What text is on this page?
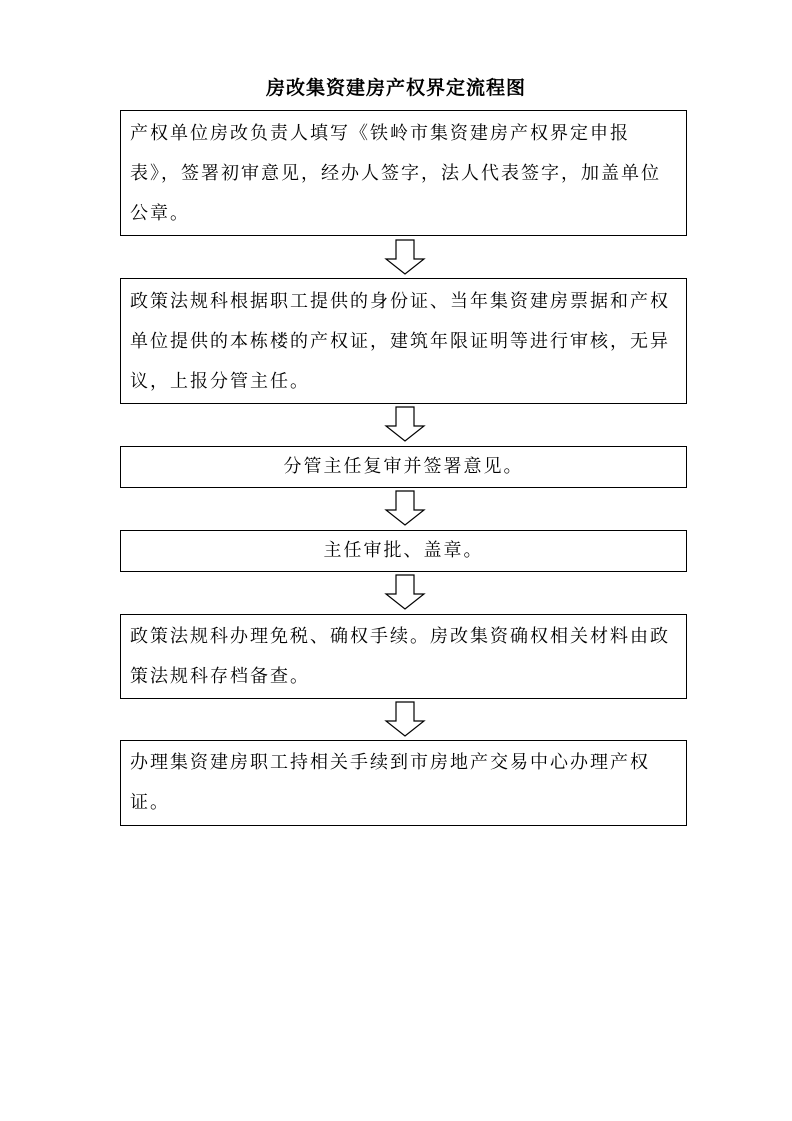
房改集资建房产权界定流程图
产权单位房改负责人填写《铁岭市集资建房产权界定申报表》，签署初审意见，经办人签字，法人代表签字，加盖单位公章。
政策法规科根据职工提供的身份证、当年集资建房票据和产权单位提供的本栋楼的产权证，建筑年限证明等进行审核，无异议，上报分管主任。
分管主任复审并签署意见。
主任审批、盖章。
政策法规科办理免税、确权手续。房改集资确权相关材料由政策法规科存档备查。
办理集资建房职工持相关手续到市房地产交易中心办理产权证。
